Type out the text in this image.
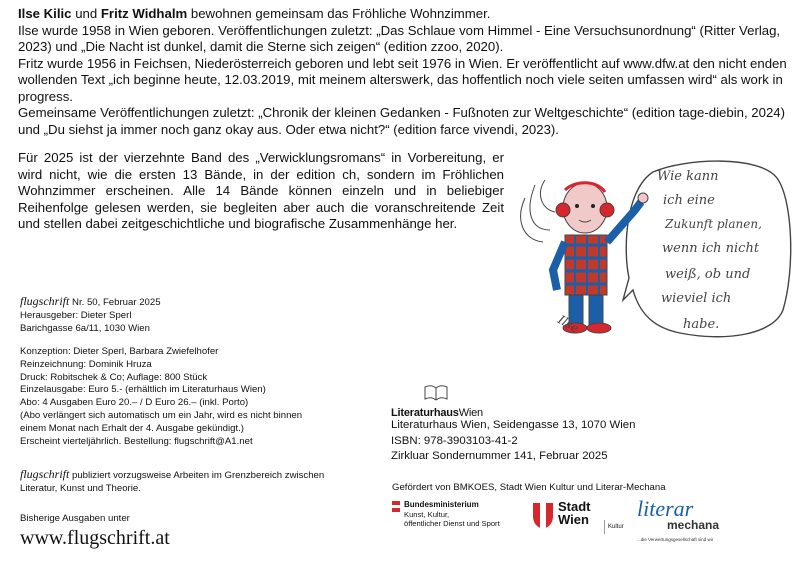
Ilse Kilic und Fritz Widhalm bewohnen gemeinsam das Fröhliche Wohnzimmer.

Ilse wurde 1958 in Wien geboren. Veröffentlichungen zuletzt: „Das Schlaue vom Himmel - Eine Versuchsunordnung“ (Ritter Verlag, 2023) und „Die Nacht ist dunkel, damit die Sterne sich zeigen“ (edition zzoo, 2020).

Fritz wurde 1956 in Feichsen, Niederösterreich geboren und lebt seit 1976 in Wien. Er veröffentlicht auf www.dfw.at den nicht enden wollenden Text „ich beginne heute, 12.03.2019, mit meinem alterswerk, das hoffentlich noch viele seiten umfassen wird“ als work in progress.

Gemeinsame Veröffentlichungen zuletzt: „Chronik der kleinen Gedanken - Fußnoten zur Weltgeschichte“ (edition tage-diebin, 2024) und „Du siehst ja immer noch ganz okay aus. Oder etwa nicht?“ (edition farce vivendi, 2023).

Für 2025 ist der vierzehnte Band des „Verwicklungsromans“ in Vorbereitung, er wird nicht, wie die ersten 13 Bände, in der edition ch, sondern im Fröhlichen Wohnzimmer erscheinen. Alle 14 Bände können einzeln und in beliebiger Reihenfolge gelesen werden, sie begleiten aber auch die voranschreitende Zeit und stellen dabei zeitgeschichtliche und biografische Zusammenhänge her.

Wie kann
ich eine
Zukunft planen,
wenn ich nicht
weiß, ob und
wieviel ich
habe.
Ilse
flugschrift Nr. 50, Februar 2025
Herausgeber: Dieter Sperl
Barichgasse 6a/11, 1030 Wien
Konzeption: Dieter Sperl, Barbara Zwiefelhofer
Reinzeichnung: Dominik Hruza
Druck: Robitschek & Co; Auflage: 800 Stück
Einzelausgabe: Euro 5.- (erhältlich im Literaturhaus Wien)
Abo: 4 Ausgaben Euro 20.– / D Euro 26.– (inkl. Porto)
(Abo verlängert sich automatisch um ein Jahr, wird es nicht binnen
einem Monat nach Erhalt der 4. Ausgabe gekündigt.)
Erscheint vierteljährlich. Bestellung: flugschrift@A1.net
flugschrift publiziert vorzugsweise Arbeiten im Grenzbereich zwischen Literatur, Kunst und Theorie.
Bisherige Ausgaben unter
www.flugschrift.at
LiteraturhausWien
Literaturhaus Wien, Seidengasse 13, 1070 Wien
ISBN: 978-3903103-41-2
Zirkluar Sondernummer 141, Februar 2025
Gefördert von BMKOES, Stadt Wien Kultur und Literar-Mechana
Bundesministerium
Kunst, Kultur,
öffentlicher Dienst und Sport
Stadt
Wien	Kultur
literar
mechana
...die Verwertungsgesellschaft sind wir
